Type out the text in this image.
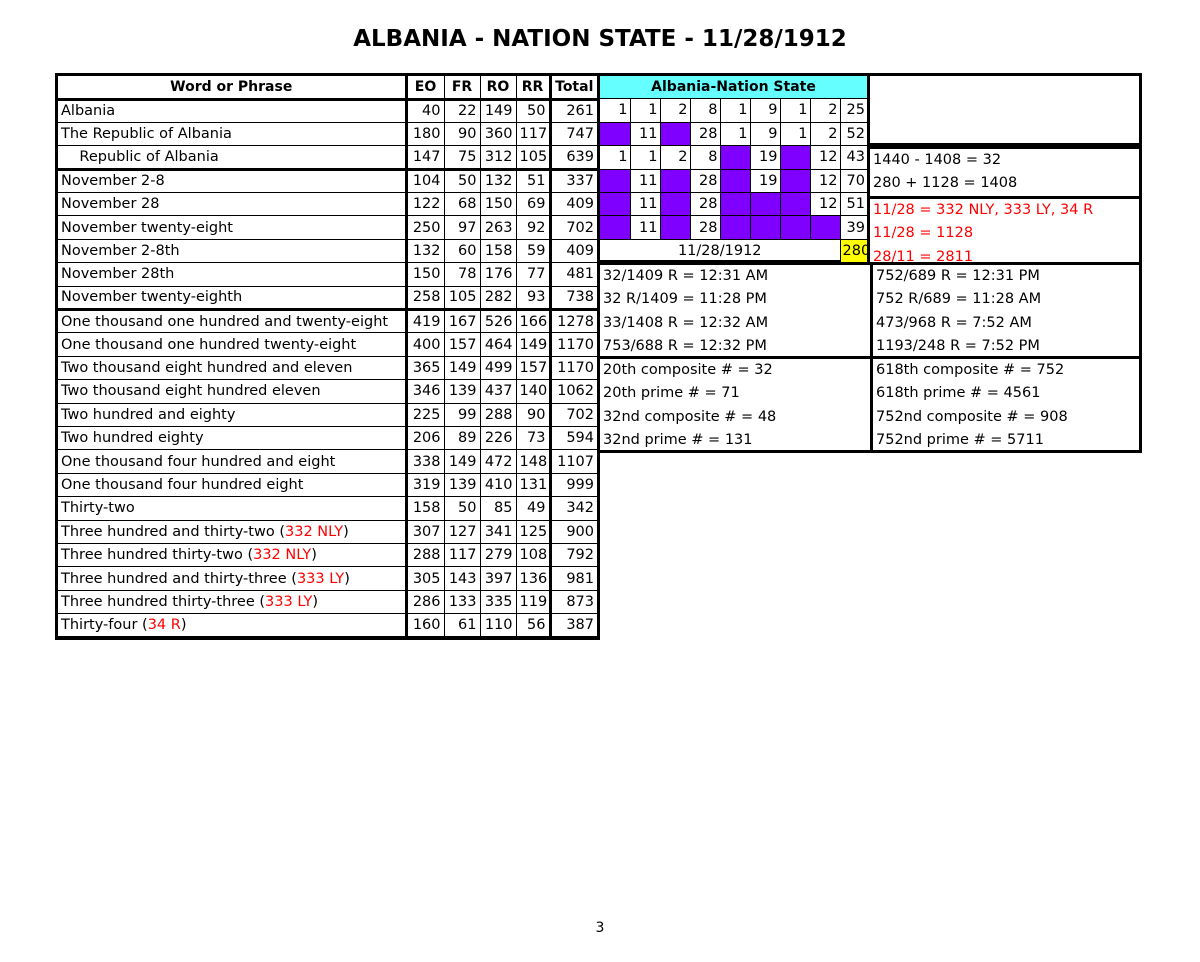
ALBANIA - NATION STATE - 11/28/1912
Word or Phrase	EO	FR	RO	RR	Total
Albania	40	22	149	50	261
The Republic of Albania	180	90	360	117	747
Republic of Albania	147	75	312	105	639
November 2-8	104	50	132	51	337
November 28	122	68	150	69	409
November twenty-eight	250	97	263	92	702
November 2-8th	132	60	158	59	409
November 28th	150	78	176	77	481
November twenty-eighth	258	105	282	93	738
One thousand one hundred and twenty-eight	419	167	526	166	1278
One thousand one hundred twenty-eight	400	157	464	149	1170
Two thousand eight hundred and eleven	365	149	499	157	1170
Two thousand eight hundred eleven	346	139	437	140	1062
Two hundred and eighty	225	99	288	90	702
Two hundred eighty	206	89	226	73	594
One thousand four hundred and eight	338	149	472	148	1107
One thousand four hundred eight	319	139	410	131	999
Thirty-two	158	50	85	49	342
Three hundred and thirty-two (332 NLY)	307	127	341	125	900
Three hundred thirty-two (332 NLY)	288	117	279	108	792
Three hundred and thirty-three (333 LY)	305	143	397	136	981
Three hundred thirty-three (333 LY)	286	133	335	119	873
Thirty-four (34 R)	160	61	110	56	387
Albania-Nation State
1	1	2	8	1	9	1	2	25
	11		28	1	9	1	2	52
1	1	2	8		19		12	43
	11		28		19		12	70
	11		28				12	51
	11		28					39
11/28/1912								280
1440 - 1408 = 32
280 + 1128 = 1408
11/28 = 332 NLY, 333 LY, 34 R
11/28 = 1128
28/11 = 2811
32/1409 R = 12:31 AM
32 R/1409 = 11:28 PM
33/1408 R = 12:32 AM
753/688 R = 12:32 PM
752/689 R = 12:31 PM
752 R/689 = 11:28 AM
473/968 R = 7:52 AM
1193/248 R = 7:52 PM
20th composite # = 32
20th prime # = 71
32nd composite # = 48
32nd prime # = 131
618th composite # = 752
618th prime # = 4561
752nd composite # = 908
752nd prime # = 5711
3
